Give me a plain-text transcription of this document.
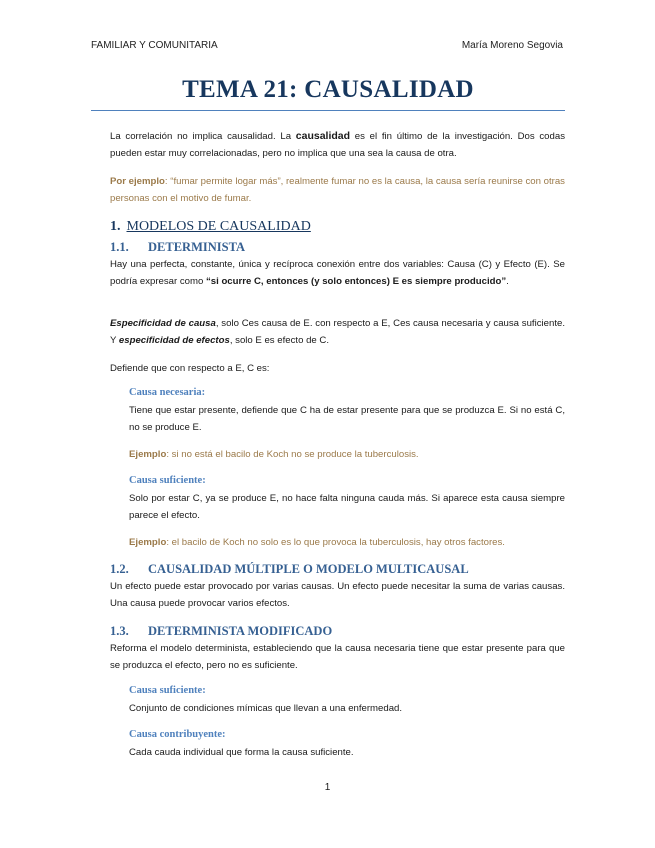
FAMILIAR Y COMUNITARIA	María Moreno Segovia
TEMA 21: CAUSALIDAD

La correlación no implica causalidad. La causalidad es el fin último de la investigación. Dos codas pueden estar muy correlacionadas, pero no implica que una sea la causa de otra.

Por ejemplo: “fumar permite logar más”, realmente fumar no es la causa, la causa sería reunirse con otras personas con el motivo de fumar.

1. MODELOS DE CAUSALIDAD
1.1. DETERMINISTA

Hay una perfecta, constante, única y recíproca conexión entre dos variables: Causa (C) y Efecto (E). Se podría expresar como “si ocurre C, entonces (y solo entonces) E es siempre producido”.

Especificidad de causa, solo Ces causa de E. con respecto a E, Ces causa necesaria y causa suficiente. Y especificidad de efectos, solo E es efecto de C.

Defiende que con respecto a E, C es:

Causa necesaria:

Tiene que estar presente, defiende que C ha de estar presente para que se produzca E. Si no está C, no se produce E.

Ejemplo: si no está el bacilo de Koch no se produce la tuberculosis.

Causa suficiente:

Solo por estar C, ya se produce E, no hace falta ninguna cauda más. Si aparece esta causa siempre parece el efecto.

Ejemplo: el bacilo de Koch no solo es lo que provoca la tuberculosis, hay otros factores.

1.2. CAUSALIDAD MÚLTIPLE O MODELO MULTICAUSAL

Un efecto puede estar provocado por varias causas. Un efecto puede necesitar la suma de varias causas. Una causa puede provocar varios efectos.

1.3. DETERMINISTA MODIFICADO

Reforma el modelo determinista, estableciendo que la causa necesaria tiene que estar presente para que se produzca el efecto, pero no es suficiente.

Causa suficiente:

Conjunto de condiciones mímicas que llevan a una enfermedad.

Causa contribuyente:

Cada cauda individual que forma la causa suficiente.

1
